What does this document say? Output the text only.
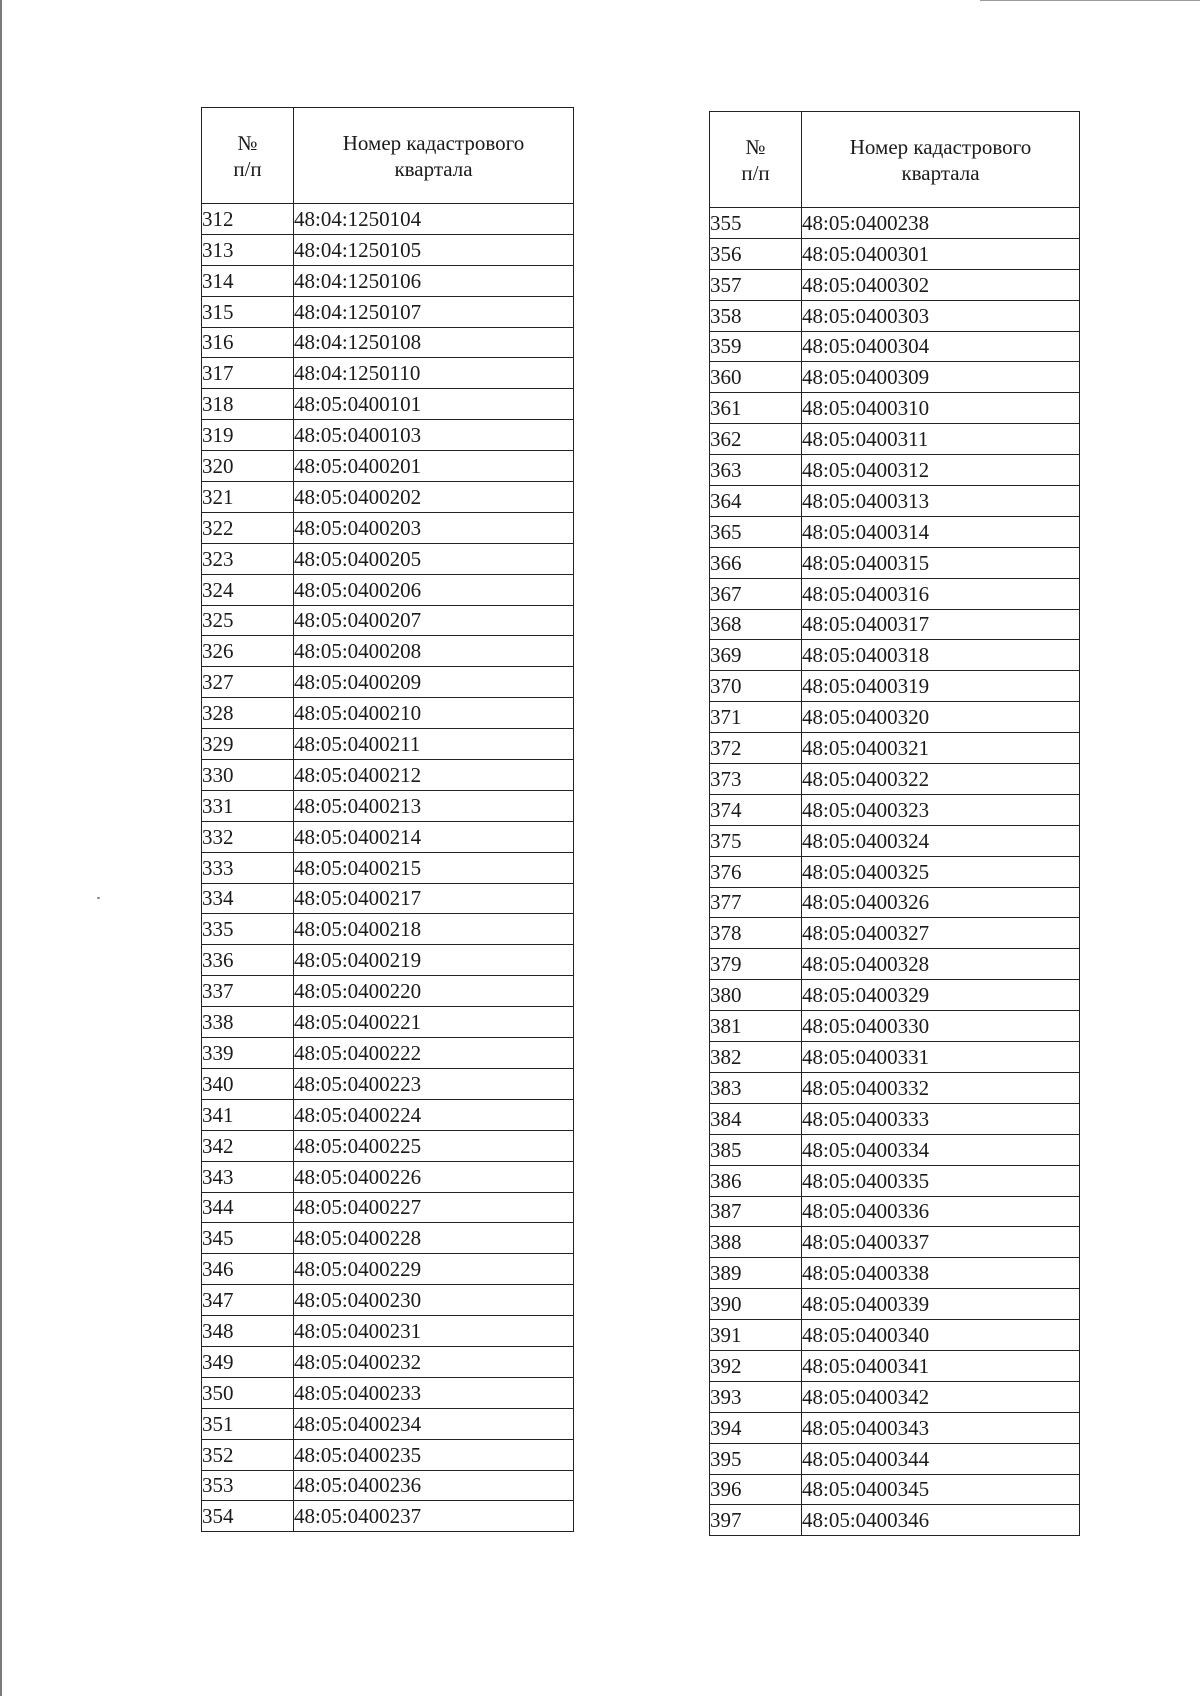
№
п/п	Номер кадастрового
квартала
312	48:04:1250104
313	48:04:1250105
314	48:04:1250106
315	48:04:1250107
316	48:04:1250108
317	48:04:1250110
318	48:05:0400101
319	48:05:0400103
320	48:05:0400201
321	48:05:0400202
322	48:05:0400203
323	48:05:0400205
324	48:05:0400206
325	48:05:0400207
326	48:05:0400208
327	48:05:0400209
328	48:05:0400210
329	48:05:0400211
330	48:05:0400212
331	48:05:0400213
332	48:05:0400214
333	48:05:0400215
334	48:05:0400217
335	48:05:0400218
336	48:05:0400219
337	48:05:0400220
338	48:05:0400221
339	48:05:0400222
340	48:05:0400223
341	48:05:0400224
342	48:05:0400225
343	48:05:0400226
344	48:05:0400227
345	48:05:0400228
346	48:05:0400229
347	48:05:0400230
348	48:05:0400231
349	48:05:0400232
350	48:05:0400233
351	48:05:0400234
352	48:05:0400235
353	48:05:0400236
354	48:05:0400237
№
п/п	Номер кадастрового
квартала
355	48:05:0400238
356	48:05:0400301
357	48:05:0400302
358	48:05:0400303
359	48:05:0400304
360	48:05:0400309
361	48:05:0400310
362	48:05:0400311
363	48:05:0400312
364	48:05:0400313
365	48:05:0400314
366	48:05:0400315
367	48:05:0400316
368	48:05:0400317
369	48:05:0400318
370	48:05:0400319
371	48:05:0400320
372	48:05:0400321
373	48:05:0400322
374	48:05:0400323
375	48:05:0400324
376	48:05:0400325
377	48:05:0400326
378	48:05:0400327
379	48:05:0400328
380	48:05:0400329
381	48:05:0400330
382	48:05:0400331
383	48:05:0400332
384	48:05:0400333
385	48:05:0400334
386	48:05:0400335
387	48:05:0400336
388	48:05:0400337
389	48:05:0400338
390	48:05:0400339
391	48:05:0400340
392	48:05:0400341
393	48:05:0400342
394	48:05:0400343
395	48:05:0400344
396	48:05:0400345
397	48:05:0400346
